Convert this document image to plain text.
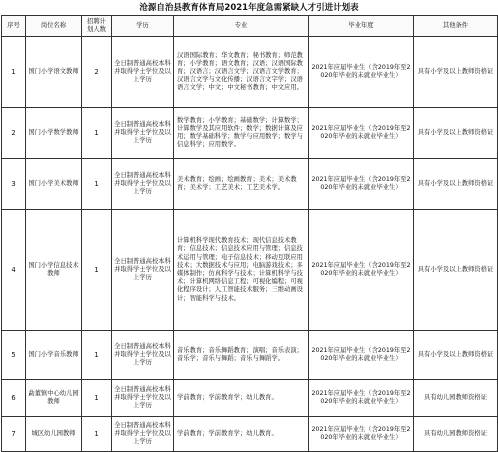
沧源自治县教育体育局2021年度急需紧缺人才引进计划表
序号	岗位名称	招聘计划人数	学历	专业	毕业年度	其他条件
1	国门小学语文教师	2	全日制普通高校本科并取得学士学位及以上学历	汉语国际教育；华文教育；秘书教育；师范教育；小学教育；语文教育；汉语；汉语国际教育；汉语言；汉语言文学；汉语言文学教育；汉语言文学与文化传播；汉语言文字学；汉语语言文学；中文；中文秘书教育；中文应用。	2021年应届毕业生（含2019年至2020年毕业的未就业毕业生）	具有小学及以上教师资格证
2	国门小学数学教师	1	全日制普通高校本科并取得学士学位及以上学历	数学教育；小学教育；基础数学；计算数学；计算数学及其应用软件；数学；数据计算及应用；数学基础科学；数学与应用数学；数学与信息科学；应用数学。	2021年应届毕业生（含2019年至2020年毕业的未就业毕业生）	具有小学及以上教师资格证
3	国门小学美术教师	1	全日制普通高校本科并取得学士学位及以上学历	美术教育；绘画；绘画教育；美术；美术教育；美术学；工艺美术；工艺美术学。	2021年应届毕业生（含2019年至2020年毕业的未就业毕业生）	具有小学及以上教师资格证
4	国门小学信息技术教师	1	全日制普通高校本科并取得学士学位及以上学历	计算机科学现代教育技术；现代信息技术教育；信息技术；信息技术应用与管理；信息技术运用与管理；电子信息技术；移动互联应用技术；大数据技术与应用；电脑游戏技术；多媒体制作；仿真科学与技术；计算机科学与技术；计算机网络信息工程；可视化编程；可视化程序设计；人工智能技术服务；三维动画设计；智能科学与技术。	2021年应届毕业生（含2019年至2020年毕业的未就业毕业生）	具有小学及以上教师资格证
5	国门小学音乐教师	1	全日制普通高校本科并取得学士学位及以上学历	音乐教育；音乐舞蹈教育；演唱；音乐表演；音乐学；音乐与舞蹈；音乐与舞蹈学。	2021年应届毕业生（含2019年至2020年毕业的未就业毕业生）	具有小学及以上教师资格证
6	勐董镇中心幼儿园教师	1	全日制普通高校本科并取得学士学位及以上学历	学前教育；学前教育学；幼儿教育。	2021年应届毕业生（含2019年至2020年毕业的未就业毕业生）	具有幼儿园教师资格证
7	城区幼儿园教师	1	全日制普通高校本科并取得学士学位及以上学历	学前教育；学前教育学；幼儿教育。	2021年应届毕业生（含2019年至2020年毕业的未就业毕业生）	具有幼儿园教师资格证
